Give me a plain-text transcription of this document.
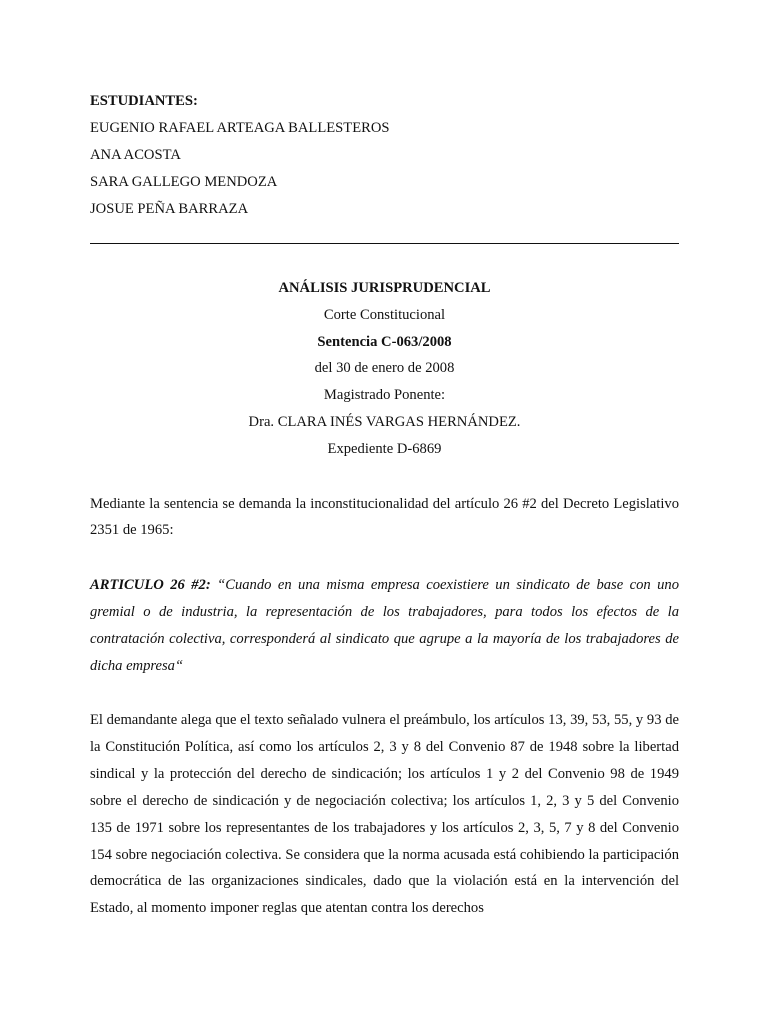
ESTUDIANTES:

EUGENIO RAFAEL ARTEAGA BALLESTEROS

ANA ACOSTA

SARA GALLEGO MENDOZA

JOSUE PEÑA BARRAZA

ANÁLISIS JURISPRUDENCIAL

Corte Constitucional

Sentencia C-063/2008

del 30 de enero de 2008

Magistrado Ponente:

Dra. CLARA INÉS VARGAS HERNÁNDEZ.

Expediente D-6869

Mediante la sentencia se demanda la inconstitucionalidad del artículo 26 #2 del Decreto Legislativo 2351 de 1965:

ARTICULO 26 #2: “Cuando en una misma empresa coexistiere un sindicato de base con uno gremial o de industria, la representación de los trabajadores, para todos los efectos de la contratación colectiva, corresponderá al sindicato que agrupe a la mayoría de los trabajadores de dicha empresa“

El demandante alega que el texto señalado vulnera el preámbulo, los artículos 13, 39, 53, 55, y 93 de la Constitución Política, así como los artículos 2, 3 y 8 del Convenio 87 de 1948 sobre la libertad sindical y la protección del derecho de sindicación; los artículos 1 y 2 del Convenio 98 de 1949 sobre el derecho de sindicación y de negociación colectiva; los artículos 1, 2, 3 y 5 del Convenio 135 de 1971 sobre los representantes de los trabajadores y los artículos 2, 3, 5, 7 y 8 del Convenio 154 sobre negociación colectiva. Se considera que la norma acusada está cohibiendo la participación democrática de las organizaciones sindicales, dado que la violación está en la intervención del Estado, al momento imponer reglas que atentan contra los derechos
